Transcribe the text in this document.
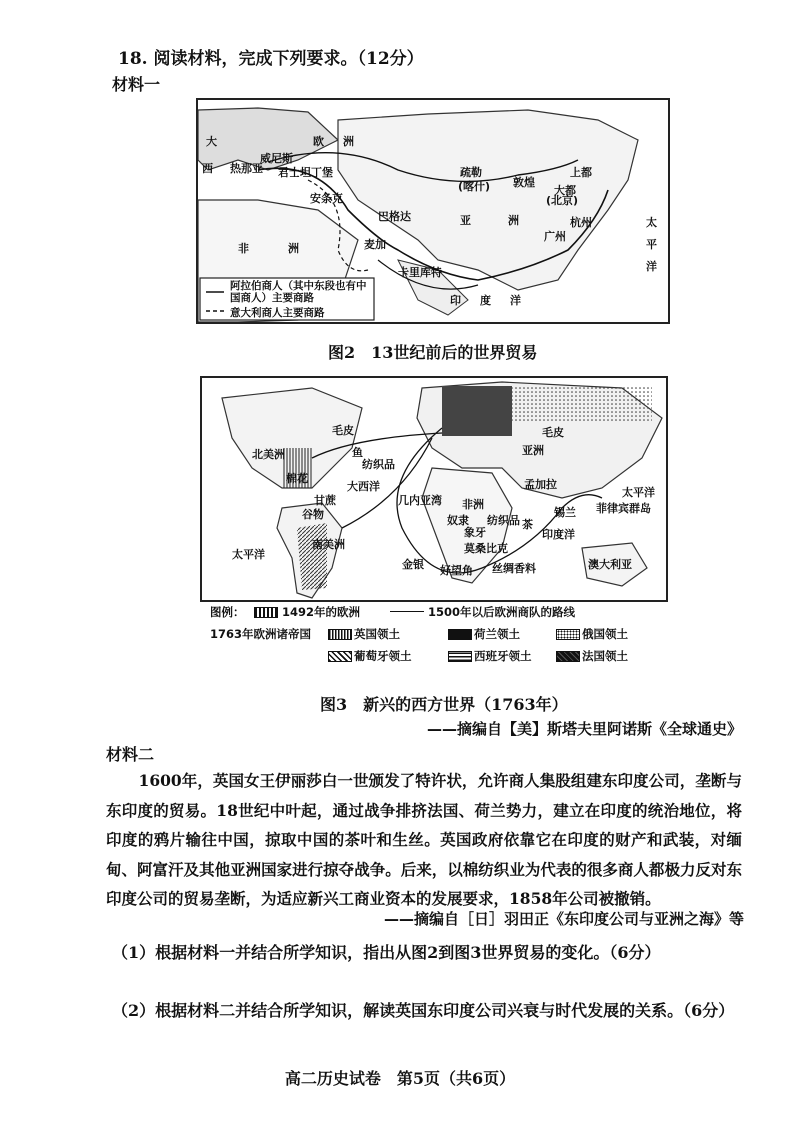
18. 阅读材料，完成下列要求。（12分）
材料一
欧 洲
大
西 热那亚
威尼斯
君士坦丁堡
安条克
巴格达
麦加
非	洲
亚	洲
疏勒
(喀什) 敦煌
上都
大都
(北京)
杭州
广州
太
平
洋
卡里库特
印 度 洋
阿拉伯商人（其中东段也有中国商人）主要商路
意大利商人主要商路
图2　13世纪前后的世界贸易
北美洲
毛皮
鱼
棉花
大西洋
纺织品
甘蔗
谷物
南美洲
太平洋
几内亚湾 非洲
奴隶
象牙
纺织品
莫桑比克
好望角
金银
印度洋
孟加拉
锡兰
茶
亚洲
毛皮
太平洋
菲律宾群岛
澳大利亚
丝绸香料
图例：	1492年的欧洲	1500年以后欧洲商队的路线
1763年欧洲诸帝国	英国领土	荷兰领土	俄国领土
葡萄牙领土	西班牙领土	法国领土
图3　新兴的西方世界（1763年）
——摘编自【美】斯塔夫里阿诺斯《全球通史》
材料二
1600年，英国女王伊丽莎白一世颁发了特许状，允许商人集股组建东印度公司，垄断与东印度的贸易。18世纪中叶起，通过战争排挤法国、荷兰势力，建立在印度的统治地位，将印度的鸦片输往中国，掠取中国的茶叶和生丝。英国政府依靠它在印度的财产和武装，对缅甸、阿富汗及其他亚洲国家进行掠夺战争。后来，以棉纺织业为代表的很多商人都极力反对东印度公司的贸易垄断，为适应新兴工商业资本的发展要求，1858年公司被撤销。
——摘编自［日］羽田正《东印度公司与亚洲之海》等
（1）根据材料一并结合所学知识，指出从图2到图3世界贸易的变化。（6分）
（2）根据材料二并结合所学知识，解读英国东印度公司兴衰与时代发展的关系。（6分）
高二历史试卷　第5页（共6页）
